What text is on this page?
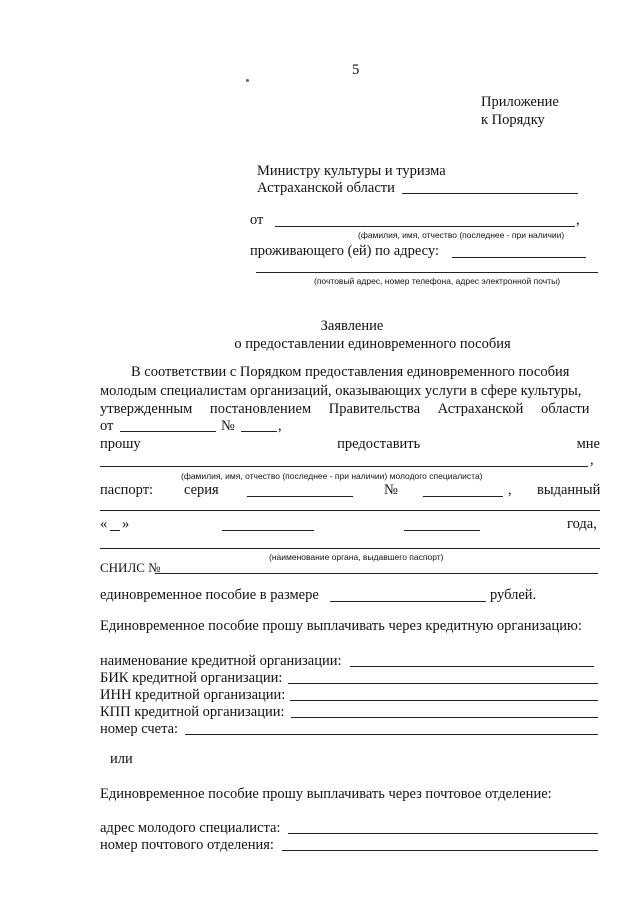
5
Приложение
к Порядку
Министру культуры и туризма
Астраханской области
от	,
(фамилия, имя, отчество (последнее - при наличии)
проживающего (ей) по адресу:
(почтовый адрес, номер телефона, адрес электронной почты)
Заявление
о предоставлении единовременного пособия
В соответствии с Порядком предоставления единовременного пособия
молодым специалистам организаций, оказывающих услуги в сфере культуры,
утвержденным постановлением Правительства Астраханской области
от	№	,
прошу	предоставить	мне
,
(фамилия, имя, отчество (последнее - при наличии) молодого специалиста)
паспорт: серия	№	, выданный
« »	года,
(наименование органа, выдавшего паспорт)
СНИЛС №
единовременное пособие в размере	рублей.
Единовременное пособие прошу выплачивать через кредитную организацию:
наименование кредитной организации:
БИК кредитной организации:
ИНН кредитной организации:
КПП кредитной организации:
номер счета:
или
Единовременное пособие прошу выплачивать через почтовое отделение:
адрес молодого специалиста:
номер почтового отделения:
